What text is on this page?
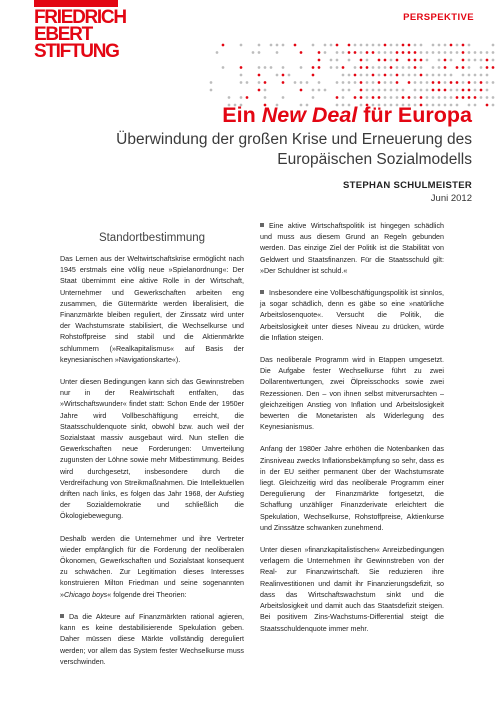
FRIEDRICH
EBERT
STIFTUNG
PERSPEKTIVE
Ein New Deal für Europa
Überwindung der großen Krise und Erneuerung des Europäischen Sozialmodells
STEPHAN SCHULMEISTER
Juni 2012
Standortbestimmung

Das Lernen aus der Weltwirtschaftskrise ermöglicht nach 1945 erstmals eine völlig neue »Spielanordnung«: Der Staat übernimmt eine aktive Rolle in der Wirtschaft, Unternehmer und Gewerkschaften arbeiten eng zusammen, die Gütermärkte werden liberalisiert, die Finanzmärkte bleiben reguliert, der Zinssatz wird unter der Wachstumsrate stabilisiert, die Wechselkurse und Rohstoffpreise sind stabil und die Aktienmärkte schlummern (»Realkapitalismus« auf Basis der keynesianischen »Navigationskarte«).

Unter diesen Bedingungen kann sich das Gewinnstreben nur in der Realwirtschaft entfalten, das »Wirtschaftswunder« findet statt: Schon Ende der 1950er Jahre wird Vollbeschäftigung erreicht, die Staatsschuldenquote sinkt, obwohl bzw. auch weil der Sozialstaat massiv ausgebaut wird. Nun stellen die Gewerkschaften neue Forderungen: Umverteilung zugunsten der Löhne sowie mehr Mitbestimmung. Beides wird durchgesetzt, insbesondere durch die Verdreifachung von Streikmaßnahmen. Die Intellektuellen driften nach links, es folgen das Jahr 1968, der Aufstieg der Sozialdemokratie und schließlich die Ökologiebewegung.

Deshalb werden die Unternehmer und ihre Vertreter wieder empfänglich für die Forderung der neoliberalen Ökonomen, Gewerkschaften und Sozialstaat konsequent zu schwächen. Zur Legitimation dieses Interesses konstruieren Milton Friedman und seine sogenannten »Chicago boys« folgende drei Theorien:

Da die Akteure auf Finanzmärkten rational agieren, kann es keine destabilisierende Spekulation geben. Daher müssen diese Märkte vollständig dereguliert werden; vor allem das System fester Wechselkurse muss verschwinden.

Eine aktive Wirtschaftspolitik ist hingegen schädlich und muss aus diesem Grund an Regeln gebunden werden. Das einzige Ziel der Politik ist die Stabilität von Geldwert und Staatsfinanzen. Für die Staatsschuld gilt: »Der Schuldner ist schuld.«

Insbesondere eine Vollbeschäftigungspolitik ist sinnlos, ja sogar schädlich, denn es gäbe so eine »natürliche Arbeitslosenquote«. Versucht die Politik, die Arbeitslosigkeit unter dieses Niveau zu drücken, würde die Inflation steigen.

Das neoliberale Programm wird in Etappen umgesetzt. Die Aufgabe fester Wechselkurse führt zu zwei Dollarentwertungen, zwei Ölpreisschocks sowie zwei Rezessionen. Den – von ihnen selbst mitverursachten – gleichzeitigen Anstieg von Inflation und Arbeitslosigkeit bewerten die Monetaristen als Widerlegung des Keynesianismus.

Anfang der 1980er Jahre erhöhen die Notenbanken das Zinsniveau zwecks Inflationsbekämpfung so sehr, dass es in der EU seither permanent über der Wachstumsrate liegt. Gleichzeitig wird das neoliberale Programm einer Deregulierung der Finanzmärkte fortgesetzt, die Schaffung unzähliger Finanzderivate erleichtert die Spekulation, Wechselkurse, Rohstoffpreise, Aktienkurse und Zinssätze schwanken zunehmend.

Unter diesen »finanzkapitalistischen« Anreizbedingungen verlagern die Unternehmen ihr Gewinnstreben von der Real- zur Finanzwirtschaft. Sie reduzieren ihre Realinvestitionen und damit ihr Finanzierungsdefizit, so dass das Wirtschaftswachstum sinkt und die Arbeitslosigkeit und damit auch das Staatsdefizit steigen. Bei positivem Zins-Wachstums-Differential steigt die Staatsschuldenquote immer mehr.
